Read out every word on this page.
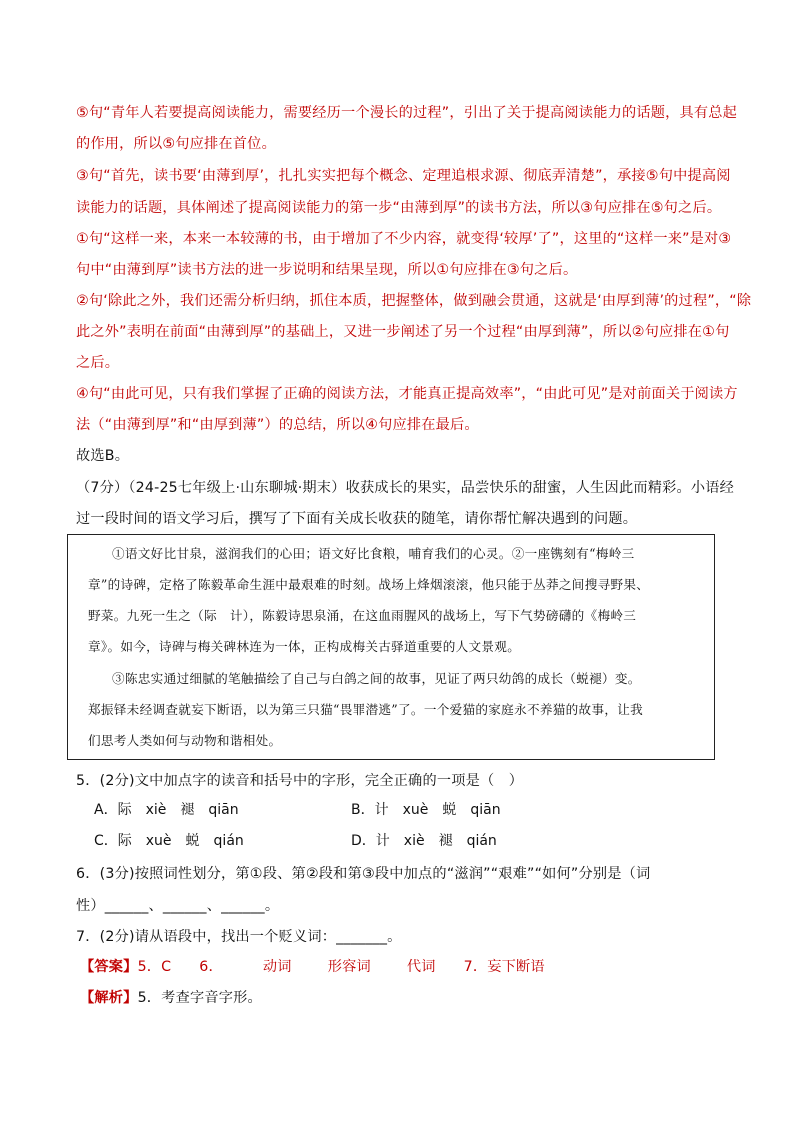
⑤句“青年人若要提高阅读能力，需要经历一个漫长的过程”，引出了关于提高阅读能力的话题，具有总起
的作用，所以⑤句应排在首位。
③句“首先，读书要‘由薄到厚’，扎扎实实把每个概念、定理追根求源、彻底弄清楚”，承接⑤句中提高阅
读能力的话题，具体阐述了提高阅读能力的第一步“由薄到厚”的读书方法，所以③句应排在⑤句之后。
①句“这样一来，本来一本较薄的书，由于增加了不少内容，就变得‘较厚’了”，这里的“这样一来”是对③
句中“由薄到厚”读书方法的进一步说明和结果呈现，所以①句应排在③句之后。
②句‘除此之外，我们还需分析归纳，抓住本质，把握整体，做到融会贯通，这就是‘由厚到薄’的过程”，“除
此之外”表明在前面“由薄到厚”的基础上，又进一步阐述了另一个过程“由厚到薄”，所以②句应排在①句
之后。
④句“由此可见，只有我们掌握了正确的阅读方法，才能真正提高效率”，“由此可见”是对前面关于阅读方
法（“由薄到厚”和“由厚到薄”）的总结，所以④句应排在最后。
故选B。
（7分）（24-25七年级上·山东聊城·期末）收获成长的果实，品尝快乐的甜蜜，人生因此而精彩。小语经
过一段时间的语文学习后，撰写了下面有关成长收获的随笔，请你帮忙解决遇到的问题。
①语文好比甘泉，滋润我们的心田；语文好比食粮，哺育我们的心灵。②一座镌刻有“梅岭三
章”的诗碑，定格了陈毅革命生涯中最艰难的时刻。战场上烽烟滚滚，他只能于丛莽之间搜寻野果、
野菜。九死一生之（际　计），陈毅诗思泉涌，在这血雨腥风的战场上，写下气势磅礴的《梅岭三
章》。如今，诗碑与梅关碑林连为一体，正构成梅关古驿道重要的人文景观。
③陈忠实通过细腻的笔触描绘了自己与白鸽之间的故事，见证了两只幼鸽的成长（蜕褪）变。
郑振铎未经调查就妄下断语，以为第三只猫“畏罪潜逃”了。一个爱猫的家庭永不养猫的故事，让我
们思考人类如何与动物和谐相处。
5．(2分)文中加点字的读音和括号中的字形，完全正确的一项是（　）
A．际　xiè　褪　qiān	B．计　xuè　蜕　qiān
C．际　xuè　蜕　qián	D．计　xiè　褪　qián
6．(3分)按照词性划分，第①段、第②段和第③段中加点的“滋润”“艰难”“如何”分别是（词
性）______、______、______。
7．(2分)请从语段中，找出一个贬义词：_______。
【答案】5．C 6．	动词	形容词	代词 7．妄下断语
【解析】5．考查字音字形。
